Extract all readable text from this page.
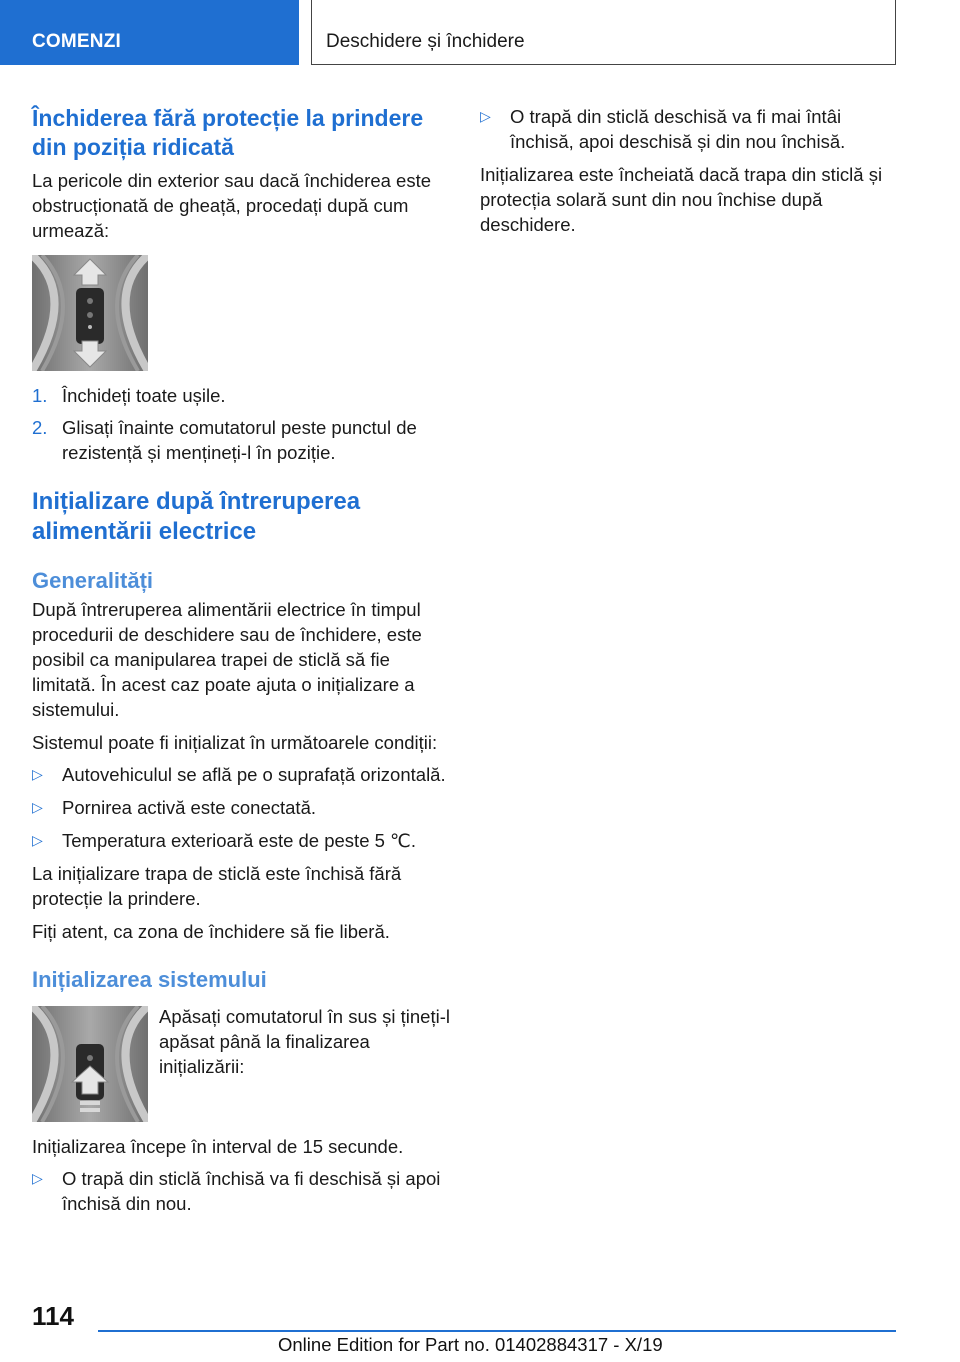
COMENZI	Deschidere și închidere
Închiderea fără protecție la prindere din poziția ridicată

La pericole din exterior sau dacă închiderea este obstrucționată de gheață, procedați după cum urmează:

1. Închideți toate ușile.
2. Glisați înainte comutatorul peste punctul de rezistență și mențineți-l în poziție.
Inițializare după întreruperea alimentării electrice
Generalități

După întreruperea alimentării electrice în timpul procedurii de deschidere sau de închidere, este posibil ca manipularea trapei de sticlă să fie limitată. În acest caz poate ajuta o inițializare a sistemului.

Sistemul poate fi inițializat în următoarele condiții:

▷ Autovehiculul se află pe o suprafață orizontală.
▷ Pornirea activă este conectată.
▷ Temperatura exterioară este de peste 5 ℃.

La inițializare trapa de sticlă este închisă fără protecție la prindere.

Fiți atent, ca zona de închidere să fie liberă.

Inițializarea sistemului

Apăsați comutatorul în sus și țineți-l apăsat până la finalizarea inițializării:

Inițializarea începe în interval de 15 secunde.

▷ O trapă din sticlă închisă va fi deschisă și apoi închisă din nou.
▷ O trapă din sticlă deschisă va fi mai întâi închisă, apoi deschisă și din nou închisă.

Inițializarea este încheiată dacă trapa din sticlă și protecția solară sunt din nou închise după deschidere.

114
Online Edition for Part no. 01402884317 - X/19
